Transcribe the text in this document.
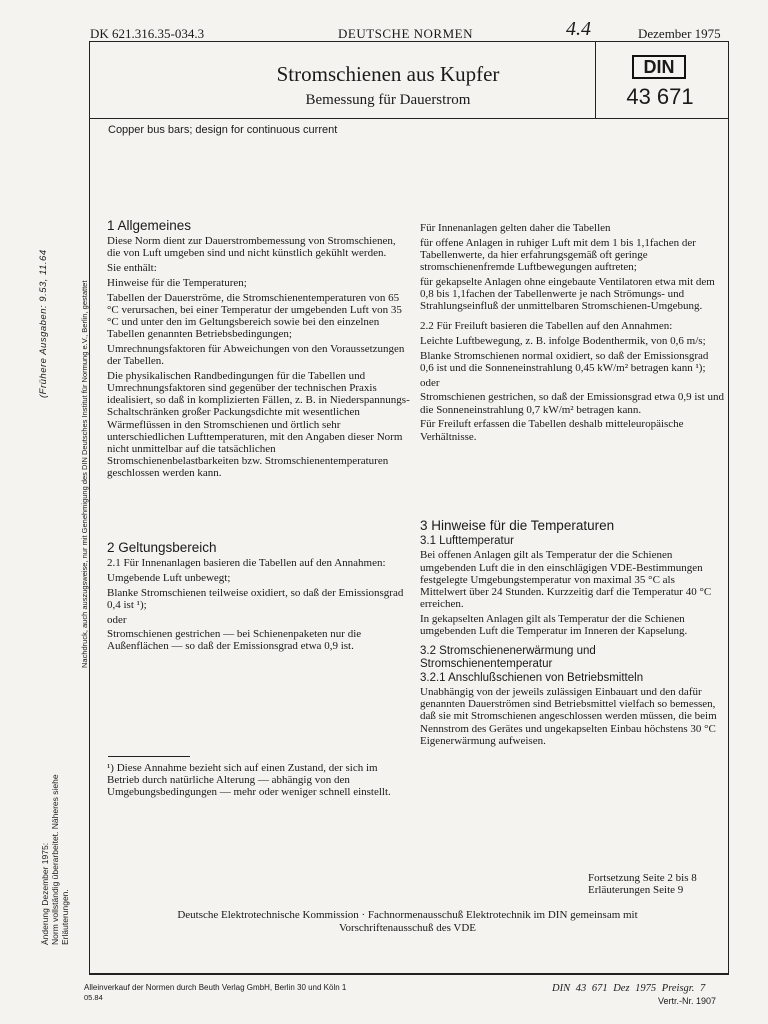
DK 621.316.35-034.3	DEUTSCHE NORMEN	4.4	Dezember 1975
Stromschienen aus Kupfer
Bemessung für Dauerstrom
DIN
43 671
Copper bus bars; design for continuous current
1 Allgemeines

Diese Norm dient zur Dauerstrombemessung von Stromschienen, die von Luft umgeben sind und nicht künstlich gekühlt werden.

Sie enthält:

Hinweise für die Temperaturen;

Tabellen der Dauerströme, die Stromschienentemperaturen von 65 °C verursachen, bei einer Temperatur der umgebenden Luft von 35 °C und unter den im Geltungsbereich sowie bei den einzelnen Tabellen genannten Betriebsbedingungen;

Umrechnungsfaktoren für Abweichungen von den Voraussetzungen der Tabellen.

Die physikalischen Randbedingungen für die Tabellen und Umrechnungsfaktoren sind gegenüber der technischen Praxis idealisiert, so daß in komplizierten Fällen, z. B. in Niederspannungs-Schaltschränken großer Packungsdichte mit wesentlichen Wärmeflüssen in den Stromschienen und örtlich sehr unterschiedlichen Lufttemperaturen, mit den Angaben dieser Norm nicht unmittelbar auf die tatsächlichen Stromschienenbelastbarkeiten bzw. Stromschienentemperaturen geschlossen werden kann.

2 Geltungsbereich

2.1 Für Innenanlagen basieren die Tabellen auf den Annahmen:

Umgebende Luft unbewegt;

Blanke Stromschienen teilweise oxidiert, so daß der Emissionsgrad 0,4 ist ¹);

oder

Stromschienen gestrichen — bei Schienenpaketen nur die Außenflächen — so daß der Emissionsgrad etwa 0,9 ist.

¹) Diese Annahme bezieht sich auf einen Zustand, der sich im Betrieb durch natürliche Alterung — abhängig von den Umgebungsbedingungen — mehr oder weniger schnell einstellt.

Für Innenanlagen gelten daher die Tabellen

für offene Anlagen in ruhiger Luft mit dem 1 bis 1,1fachen der Tabellenwerte, da hier erfahrungsgemäß oft geringe stromschienenfremde Luftbewegungen auftreten;

für gekapselte Anlagen ohne eingebaute Ventilatoren etwa mit dem 0,8 bis 1,1fachen der Tabellenwerte je nach Strömungs- und Strahlungseinfluß der unmittelbaren Stromschienen-Umgebung.

2.2 Für Freiluft basieren die Tabellen auf den Annahmen:

Leichte Luftbewegung, z. B. infolge Bodenthermik, von 0,6 m/s;

Blanke Stromschienen normal oxidiert, so daß der Emissionsgrad 0,6 ist und die Sonneneinstrahlung 0,45 kW/m² betragen kann ¹);

oder

Stromschienen gestrichen, so daß der Emissionsgrad etwa 0,9 ist und die Sonneneinstrahlung 0,7 kW/m² betragen kann.

Für Freiluft erfassen die Tabellen deshalb mitteleuropäische Verhältnisse.

3 Hinweise für die Temperaturen
3.1 Lufttemperatur

Bei offenen Anlagen gilt als Temperatur der die Schienen umgebenden Luft die in den einschlägigen VDE-Bestimmungen festgelegte Umgebungstemperatur von maximal 35 °C als Mittelwert über 24 Stunden. Kurzzeitig darf die Temperatur 40 °C erreichen.

In gekapselten Anlagen gilt als Temperatur der die Schienen umgebenden Luft die Temperatur im Inneren der Kapselung.

3.2 Stromschienenerwärmung und Stromschienentemperatur
3.2.1 Anschlußschienen von Betriebsmitteln

Unabhängig von der jeweils zulässigen Einbauart und den dafür genannten Dauerströmen sind Betriebsmittel vielfach so bemessen, daß sie mit Stromschienen angeschlossen werden müssen, die beim Nennstrom des Gerätes und ungekapselten Einbau höchstens 30 °C Eigenerwärmung aufweisen.

Fortsetzung Seite 2 bis 8
Erläuterungen Seite 9
Deutsche Elektrotechnische Kommission · Fachnormenausschuß Elektrotechnik im DIN gemeinsam mit Vorschriftenausschuß des VDE
Alleinverkauf der Normen durch Beuth Verlag GmbH, Berlin 30 und Köln 1
05.84
DIN 43 671 Dez 1975 Preisgr. 7
Vertr.-Nr. 1907
(Frühere Ausgaben: 9.53, 11.64
Änderung Dezember 1975: Norm vollständig überarbeitet. Näheres siehe Erläuterungen.
Nachdruck, auch auszugsweise, nur mit Genehmigung des DIN Deutsches Institut für Normung e.V., Berlin, gestattet
